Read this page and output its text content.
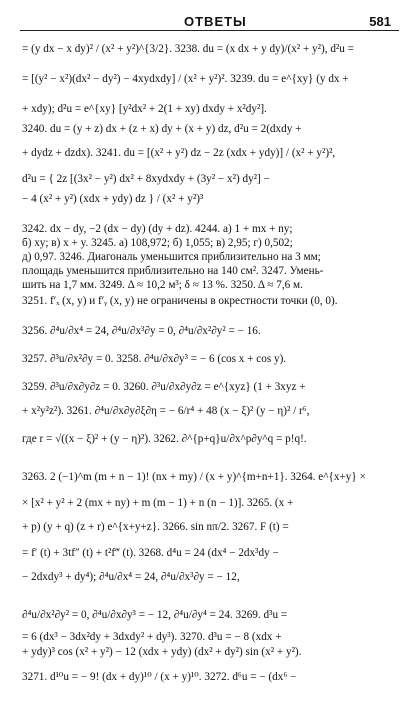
ОТВЕТЫ	581
= (y dx − x dy)² / (x² + y²)^{3/2}. 3238. du = (x dx + y dy)/(x² + y²), d²u =
= [(y² − x²)(dx² − dy²) − 4xydxdy] / (x² + y²)². 3239. du = e^{xy} (y dx +
+ xdy); d²u = e^{xy} [y²dx² + 2(1 + xy) dxdy + x²dy²].
3240. du = (y + z) dx + (z + x) dy + (x + y) dz, d²u = 2(dxdy +
+ dydz + dzdx). 3241. du = [(x² + y²) dz − 2z (xdx + ydy)] / (x² + y²)²,
d²u = { 2z [(3x² − y²) dx² + 8xydxdy + (3y² − x²) dy²] −
− 4 (x² + y²) (xdx + ydy) dz } / (x² + y²)³
3242. dx − dy, −2 (dx − dy) (dy + dz). 4244. а) 1 + mx + ny;
б) xy; в) x + y. 3245. а) 108,972; б) 1,055; в) 2,95; г) 0,502;
д) 0,97. 3246. Диагональ уменьшится приблизительно на 3 мм;
площадь уменьшится приблизительно на 140 см². 3247. Умень-
шить на 1,7 мм. 3249. Δ ≈ 10,2 м³; δ ≈ 13 %. 3250. Δ ≈ 7,6 м.
3251. f′ₓ (x, y) и f′ᵧ (x, y) не ограничены в окрестности точки (0, 0).
3256. ∂⁴u/∂x⁴ = 24, ∂⁴u/∂x³∂y = 0, ∂⁴u/∂x²∂y² = − 16.
3257. ∂³u/∂x²∂y = 0. 3258. ∂⁴u/∂x∂y³ = − 6 (cos x + cos y).
3259. ∂³u/∂x∂y∂z = 0. 3260. ∂³u/∂x∂y∂z = e^{xyz} (1 + 3xyz +
+ x²y²z²). 3261. ∂⁴u/∂x∂y∂ξ∂η = − 6/r⁴ + 48 (x − ξ)² (y − η)² / r⁶,
где r = √((x − ξ)² + (y − η)²). 3262. ∂^{p+q}u/∂x^p∂y^q = p!q!.
3263. 2 (−1)^m (m + n − 1)! (nx + my) / (x + y)^{m+n+1}. 3264. e^{x+y} ×
× [x² + y² + 2 (mx + ny) + m (m − 1) + n (n − 1)]. 3265. (x +
+ p) (y + q) (z + r) e^{x+y+z}. 3266. sin nπ/2. 3267. F (t) =
= f′ (t) + 3tf″ (t) + t²f‴ (t). 3268. d⁴u = 24 (dx⁴ − 2dx³dy −
− 2dxdy³ + dy⁴); ∂⁴u/∂x⁴ = 24, ∂⁴u/∂x³∂y = − 12,
∂⁴u/∂x²∂y² = 0, ∂⁴u/∂x∂y³ = − 12, ∂⁴u/∂y⁴ = 24. 3269. d³u =
= 6 (dx³ − 3dx²dy + 3dxdy² + dy³). 3270. d³u = − 8 (xdx +
+ ydy)³ cos (x² + y²) − 12 (xdx + ydy) (dx² + dy²) sin (x² + y²).
3271. d¹⁰u = − 9! (dx + dy)¹⁰ / (x + y)¹⁰. 3272. d⁶u = − (dx⁶ −
